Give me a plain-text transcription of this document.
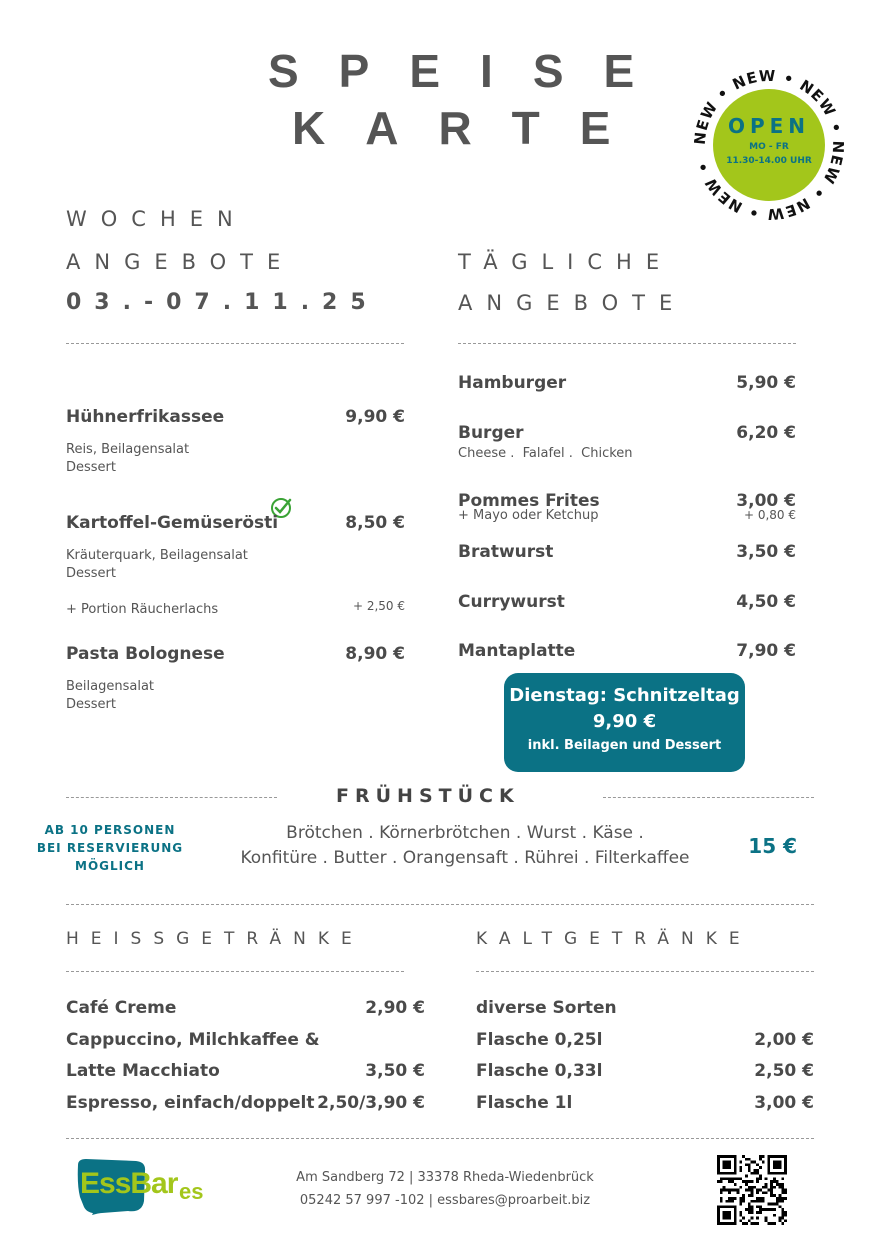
SPEISE
KARTE	EW • NEW • NEW • W • NEW • NEW •
OPEN
MO - FR
11.30-14.00 UHR
WOCHEN
ANGEBOTE
03.-07.11.25
TÄGLICHE
ANGEBOTE
Hühnerfrikassee	9,90 €
Reis, Beilagensalat
Dessert
Kartoffel-Gemüserösti	8,50 €
Kräuterquark, Beilagensalat
Dessert
+ Portion Räucherlachs	+ 2,50 €
Pasta Bolognese	8,90 €
Beilagensalat
Dessert
Hamburger	5,90 €
Burger	6,20 €
Cheese .  Falafel .  Chicken
Pommes Frites	3,00 €
+ Mayo oder Ketchup	+ 0,80 €
Bratwurst	3,50 €
Currywurst	4,50 €
Mantaplatte	7,90 €
Dienstag: Schnitzeltag
9,90 €
inkl. Beilagen und Dessert
FRÜHSTÜCK
AB 10 PERSONEN
BEI RESERVIERUNG
MÖGLICH
Brötchen . Körnerbrötchen . Wurst . Käse .
Konfitüre . Butter . Orangensaft . Rührei . Filterkaffee	15 €
HEISSGETRÄNKE
Café Creme	2,90 €
Cappuccino, Milchkaffee &
Latte Macchiato	3,50 €
Espresso, einfach/doppelt 2,50/3,90 €
KALTGETRÄNKE
diverse Sorten
Flasche 0,25l	2,00 €
Flasche 0,33l	2,50 €
Flasche 1l	3,00 €
EssBar es
Am Sandberg 72 | 33378 Rheda-Wiedenbrück
05242 57 997 -102 | essbares@proarbeit.biz
